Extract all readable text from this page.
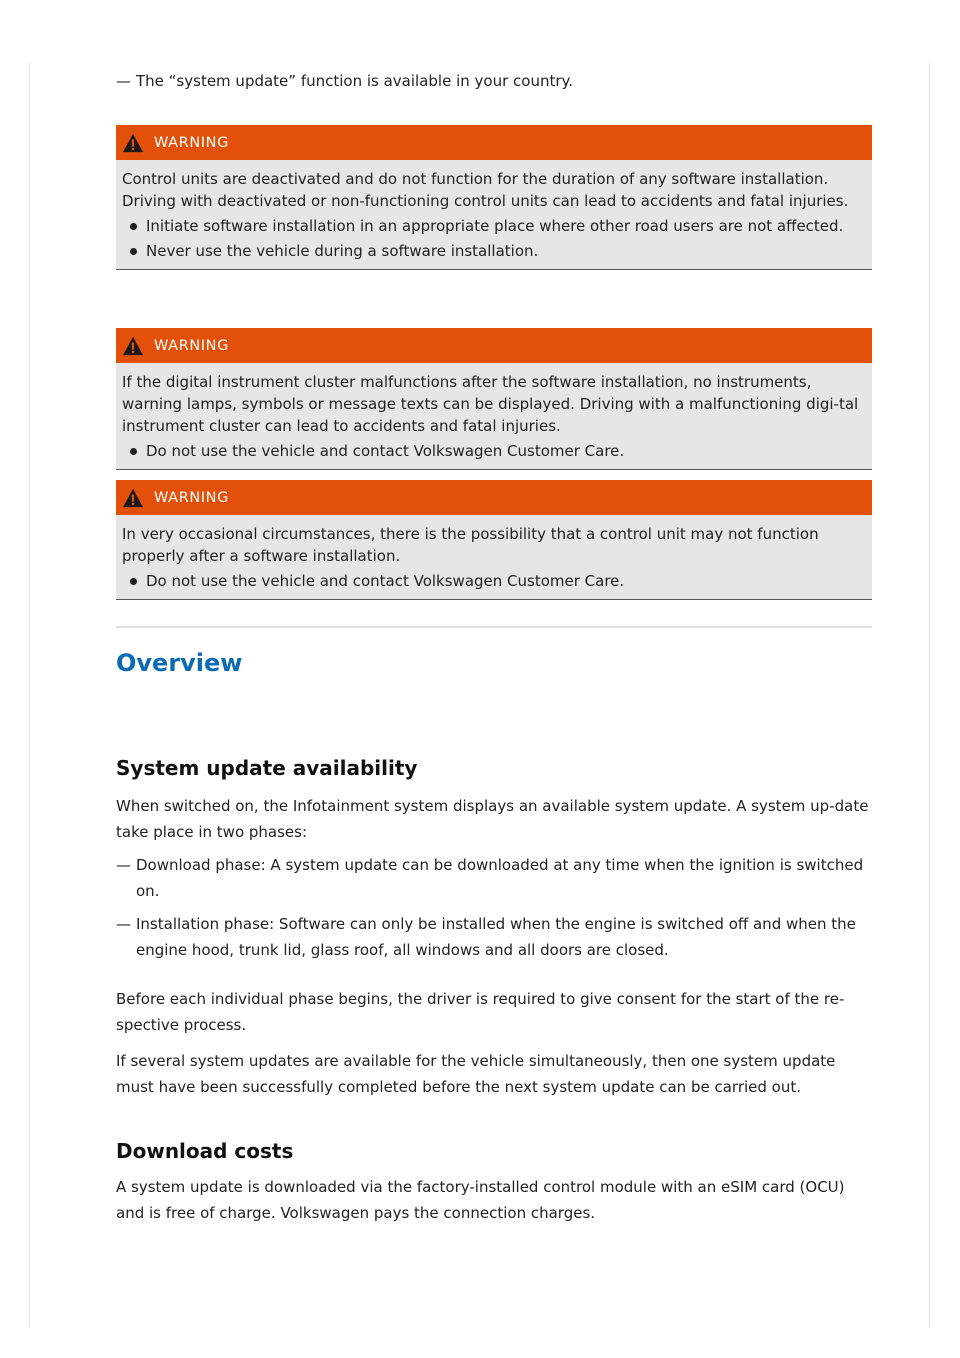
— The “system update” function is available in your country.
WARNING

Control units are deactivated and do not function for the duration of any software installation. Driving with deactivated or non-functioning control units can lead to accidents and fatal injuries.

Initiate software installation in an appropriate place where other road users are not affected.
Never use the vehicle during a software installation.
WARNING

If the digital instrument cluster malfunctions after the software installation, no instruments, warning lamps, symbols or message texts can be displayed. Driving with a malfunctioning digi-tal instrument cluster can lead to accidents and fatal injuries.

Do not use the vehicle and contact Volkswagen Customer Care.
WARNING

In very occasional circumstances, there is the possibility that a control unit may not function properly after a software installation.

Do not use the vehicle and contact Volkswagen Customer Care.
Overview
System update availability

When switched on, the Infotainment system displays an available system update. A system up-date take place in two phases:

— Download phase: A system update can be downloaded at any time when the ignition is switched on.
— Installation phase: Software can only be installed when the engine is switched off and when the engine hood, trunk lid, glass roof, all windows and all doors are closed.

Before each individual phase begins, the driver is required to give consent for the start of the re-spective process.

If several system updates are available for the vehicle simultaneously, then one system update must have been successfully completed before the next system update can be carried out.

Download costs

A system update is downloaded via the factory-installed control module with an eSIM card (OCU) and is free of charge. Volkswagen pays the connection charges.
